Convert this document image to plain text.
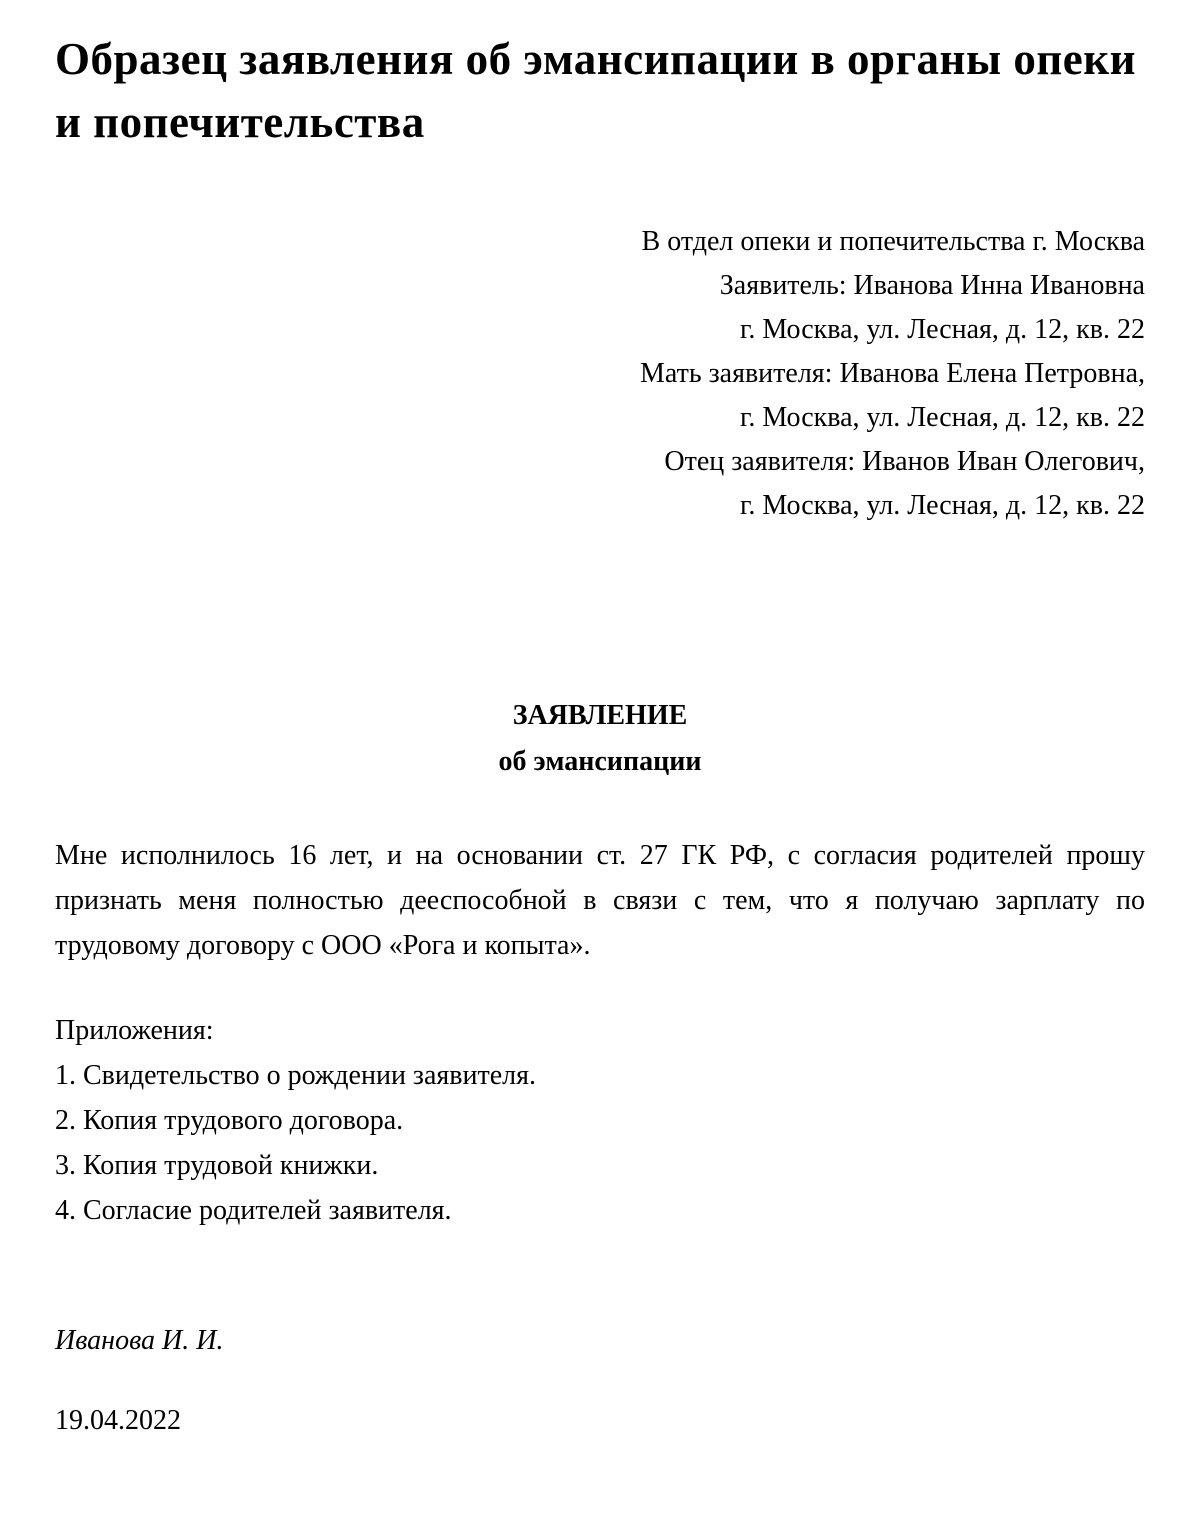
Образец заявления об эмансипации в органы опеки и попечительства
В отдел опеки и попечительства г. Москва
Заявитель: Иванова Инна Ивановна
г. Москва, ул. Лесная, д. 12, кв. 22
Мать заявителя: Иванова Елена Петровна,
г. Москва, ул. Лесная, д. 12, кв. 22
Отец заявителя: Иванов Иван Олегович,
г. Москва, ул. Лесная, д. 12, кв. 22
ЗАЯВЛЕНИЕ
об эмансипации

Мне исполнилось 16 лет, и на основании ст. 27 ГК РФ, с согласия родителей прошу признать меня полностью дееспособной в связи с тем, что я получаю зарплату по трудовому договору с ООО «Рога и копыта».

Приложения:
1. Свидетельство о рождении заявителя.
2. Копия трудового договора.
3. Копия трудовой книжки.
4. Согласие родителей заявителя.
Иванова И. И.
19.04.2022
